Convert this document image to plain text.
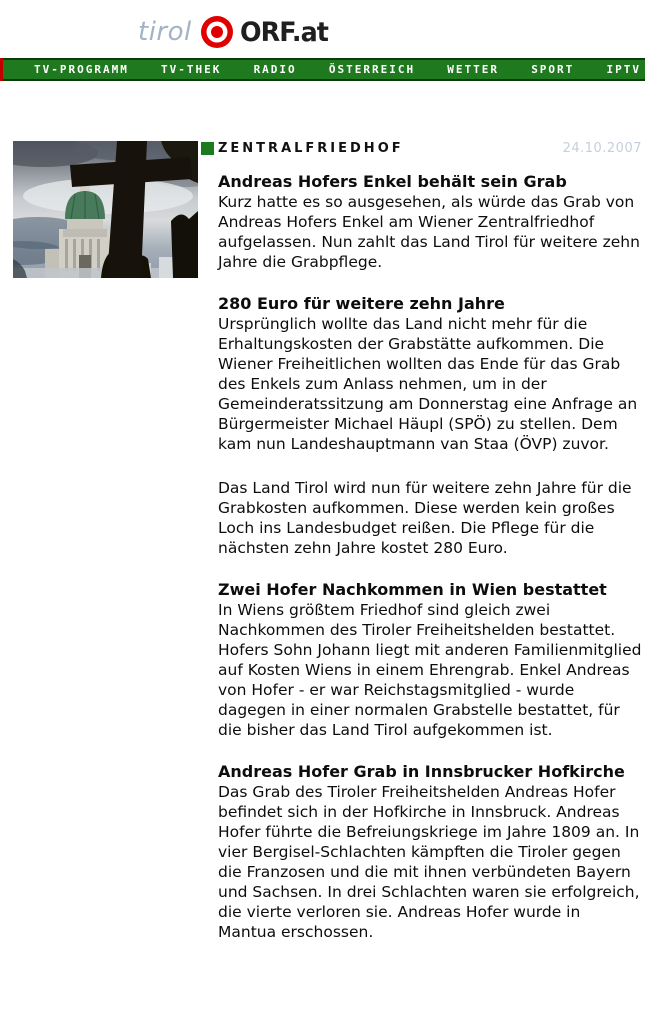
tirol ORF.at
TV-PROGRAMM	TV-THEK	RADIO	ÖSTERREICH	WETTER	SPORT	IPTV
ZENTRALFRIEDHOF	24.10.2007
Andreas Hofers Enkel behält sein Grab

Kurz hatte es so ausgesehen, als würde das Grab von Andreas Hofers Enkel am Wiener Zentralfriedhof aufgelassen. Nun zahlt das Land Tirol für weitere zehn Jahre die Grabpflege.

280 Euro für weitere zehn Jahre

Ursprünglich wollte das Land nicht mehr für die Erhaltungskosten der Grabstätte aufkommen. Die Wiener Freiheitlichen wollten das Ende für das Grab des Enkels zum Anlass nehmen, um in der Gemeinderatssitzung am Donnerstag eine Anfrage an Bürgermeister Michael Häupl (SPÖ) zu stellen. Dem kam nun Landeshauptmann van Staa (ÖVP) zuvor.

Das Land Tirol wird nun für weitere zehn Jahre für die Grabkosten aufkommen. Diese werden kein großes Loch ins Landesbudget reißen. Die Pflege für die nächsten zehn Jahre kostet 280 Euro.

Zwei Hofer Nachkommen in Wien bestattet

In Wiens größtem Friedhof sind gleich zwei Nachkommen des Tiroler Freiheitshelden bestattet. Hofers Sohn Johann liegt mit anderen Familienmitglied auf Kosten Wiens in einem Ehrengrab. Enkel Andreas von Hofer - er war Reichstagsmitglied - wurde dagegen in einer normalen Grabstelle bestattet, für die bisher das Land Tirol aufgekommen ist.

Andreas Hofer Grab in Innsbrucker Hofkirche

Das Grab des Tiroler Freiheitshelden Andreas Hofer befindet sich in der Hofkirche in Innsbruck. Andreas Hofer führte die Befreiungskriege im Jahre 1809 an. In vier Bergisel-Schlachten kämpften die Tiroler gegen die Franzosen und die mit ihnen verbündeten Bayern und Sachsen. In drei Schlachten waren sie erfolgreich, die vierte verloren sie. Andreas Hofer wurde in Mantua erschossen.
